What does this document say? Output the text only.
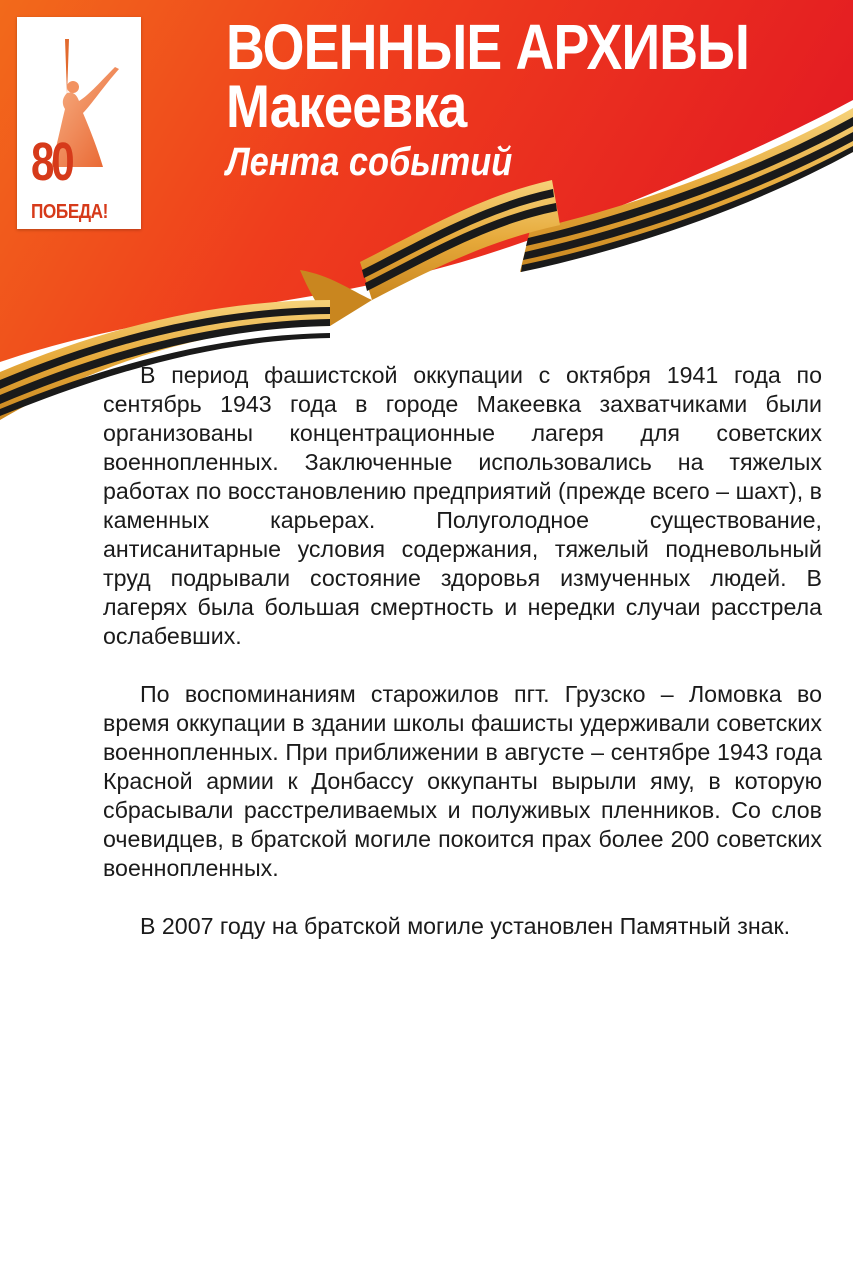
80
ПОБЕДА!
ВОЕННЫЕ АРХИВЫ
Макеевка
Лента событий

В период фашистской оккупации с октября 1941 года по сентябрь 1943 года в городе Макеевка захватчиками были организованы концентрационные лагеря для советских военнопленных. Заключенные использовались на тяжелых работах по восстановлению предприятий (прежде всего – шахт), в каменных карьерах. Полуголодное существование, антисанитарные условия содержания, тяжелый подневольный труд подрывали состояние здоровья измученных людей. В лагерях была большая смертность и нередки случаи расстрела ослабевших.

По воспоминаниям старожилов пгт. Грузско – Ломовка во время оккупации в здании школы фашисты удерживали советских военнопленных. При приближении в августе – сентябре 1943 года Красной армии к Донбассу оккупанты вырыли яму, в которую сбрасывали расстреливаемых и полуживых пленников. Со слов очевидцев, в братской могиле покоится прах более 200 советских военнопленных.

В 2007 году на братской могиле установлен Памятный знак.
